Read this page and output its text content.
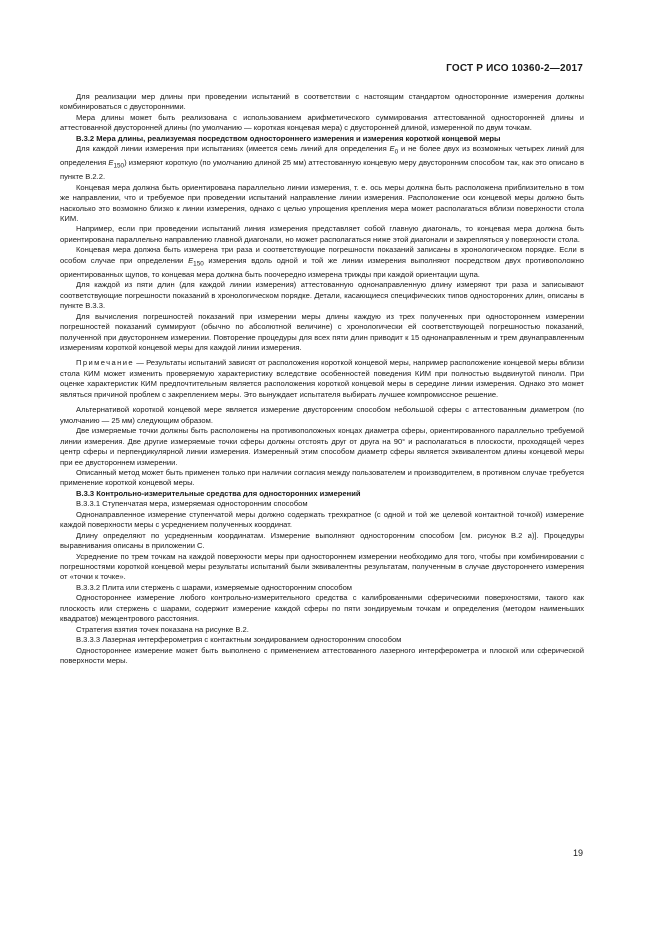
ГОСТ Р ИСО 10360-2—2017

Для реализации мер длины при проведении испытаний в соответствии с настоящим стандартом односторонние измерения должны комбинироваться с двусторонними.

Мера длины может быть реализована с использованием арифметического суммирования аттестованной односторонней длины и аттестованной двусторонней длины (по умолчанию — короткая концевая мера) с двусторонней длиной, измеренной по двум точкам.

В.3.2 Мера длины, реализуемая посредством одностороннего измерения и измерения короткой концевой меры

Для каждой линии измерения при испытаниях (имеется семь линий для определения $E_0$ и не более двух из возможных четырех линий для определения $E_{150}$) измеряют короткую (по умолчанию длиной 25 мм) аттестованную концевую меру двусторонним способом так, как это описано в пункте В.2.2.

Концевая мера должна быть ориентирована параллельно линии измерения, т. е. ось меры должна быть расположена приблизительно в том же направлении, что и требуемое при проведении испытаний направление линии измерения. Расположение оси концевой меры должно быть насколько это возможно близко к линии измерения, однако с целью упрощения крепления мера может располагаться вблизи поверхности стола КИМ.

Например, если при проведении испытаний линия измерения представляет собой главную диагональ, то концевая мера должна быть ориентирована параллельно направлению главной диагонали, но может располагаться ниже этой диагонали и закрепляться у поверхности стола.

Концевая мера должна быть измерена три раза и соответствующие погрешности показаний записаны в хронологическом порядке. Если в особом случае при определении $E_{150}$ измерения вдоль одной и той же линии измерения выполняют посредством двух противоположно ориентированных щупов, то концевая мера должна быть поочередно измерена трижды при каждой ориентации щупа.

Для каждой из пяти длин (для каждой линии измерения) аттестованную однонаправленную длину измеряют три раза и записывают соответствующие погрешности показаний в хронологическом порядке. Детали, касающиеся специфических типов односторонних длин, описаны в пункте В.3.3.

Для вычисления погрешностей показаний при измерении меры длины каждую из трех полученных при одностороннем измерении погрешностей показаний суммируют (обычно по абсолютной величине) с хронологически ей соответствующей погрешностью показаний, полученной при двустороннем измерении. Повторение процедуры для всех пяти длин приводит к 15 однонаправленным и трем двунаправленным измерениям короткой концевой меры для каждой линии измерения.

Примечание — Результаты испытаний зависят от расположения короткой концевой меры, например расположение концевой меры вблизи стола КИМ может изменить проверяемую характеристику вследствие особенностей поведения КИМ при полностью выдвинутой пиноли. При оценке характеристик КИМ предпочтительным является расположения короткой концевой меры в середине линии измерения. Однако это может являться причиной проблем с закреплением меры. Это вынуждает испытателя выбирать лучшее компромиссное решение.

Альтернативой короткой концевой мере является измерение двусторонним способом небольшой сферы с аттестованным диаметром (по умолчанию — 25 мм) следующим образом.

Две измеряемые точки должны быть расположены на противоположных концах диаметра сферы, ориентированного параллельно требуемой линии измерения. Две другие измеряемые точки сферы должны отстоять друг от друга на 90° и располагаться в плоскости, проходящей через центр сферы и перпендикулярной линии измерения. Измеренный этим способом диаметр сферы является эквивалентом длины концевой меры при ее двустороннем измерении.

Описанный метод может быть применен только при наличии согласия между пользователем и производителем, в противном случае требуется применение короткой концевой меры.

В.3.3 Контрольно-измерительные средства для односторонних измерений

В.3.3.1 Ступенчатая мера, измеряемая односторонним способом

Однонаправленное измерение ступенчатой меры должно содержать трехкратное (с одной и той же целевой контактной точкой) измерение каждой поверхности меры с усреднением полученных координат.

Длину определяют по усредненным координатам. Измерение выполняют односторонним способом [см. рисунок В.2 а)]. Процедуры выравнивания описаны в приложении С.

Усреднение по трем точкам на каждой поверхности меры при одностороннем измерении необходимо для того, чтобы при комбинировании с погрешностями короткой концевой меры результаты испытаний были эквивалентны результатам, полученным в случае двустороннего измерения от «точки к точке».

В.3.3.2 Плита или стержень с шарами, измеряемые односторонним способом

Одностороннее измерение любого контрольно-измерительного средства с калиброванными сферическими поверхностями, такого как плоскость или стержень с шарами, содержит измерение каждой сферы по пяти зондируемым точкам и определения (методом наименьших квадратов) межцентрового расстояния.

Стратегия взятия точек показана на рисунке В.2.

В.3.3.3 Лазерная интерферометрия с контактным зондированием односторонним способом

Одностороннее измерение может быть выполнено с применением аттестованного лазерного интерферометра и плоской или сферической поверхности меры.

19
